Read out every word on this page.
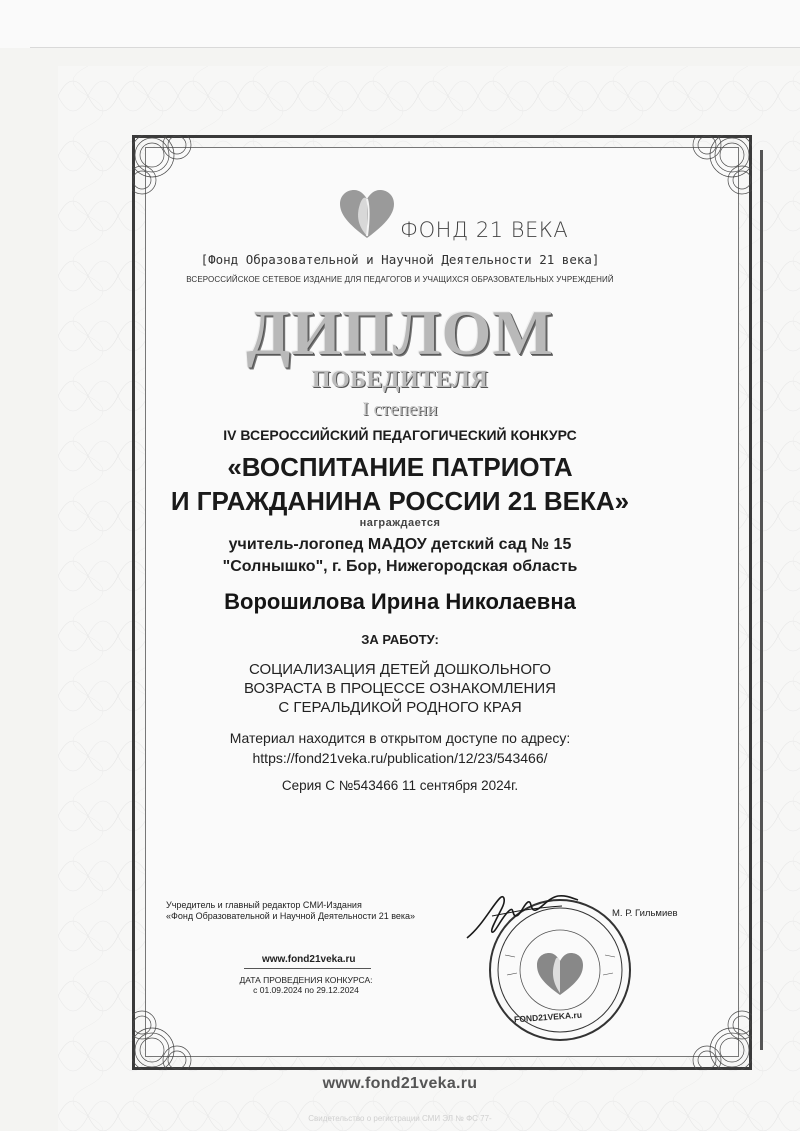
ФОНД 21 ВЕКА
[Фонд Образовательной и Научной Деятельности 21 века]
ВСЕРОССИЙСКОЕ СЕТЕВОЕ ИЗДАНИЕ ДЛЯ ПЕДАГОГОВ И УЧАЩИХСЯ ОБРАЗОВАТЕЛЬНЫХ УЧРЕЖДЕНИЙ
ДИПЛОМ
ПОБЕДИТЕЛЯ
I степени
IV ВСЕРОССИЙСКИЙ ПЕДАГОГИЧЕСКИЙ КОНКУРС
«ВОСПИТАНИЕ ПАТРИОТА
И ГРАЖДАНИНА РОССИИ 21 ВЕКА»
награждается
учитель-логопед МАДОУ детский сад № 15
"Солнышко", г. Бор, Нижегородская область
Ворошилова Ирина Николаевна
ЗА РАБОТУ:
СОЦИАЛИЗАЦИЯ ДЕТЕЙ ДОШКОЛЬНОГО
ВОЗРАСТА В ПРОЦЕССЕ ОЗНАКОМЛЕНИЯ
С ГЕРАЛЬДИКОЙ РОДНОГО КРАЯ
Материал находится в открытом доступе по адресу:
https://fond21veka.ru/publication/12/23/543466/
Серия С №543466 11 сентября 2024г.
Учредитель и главный редактор СМИ-Издания
«Фонд Образовательной и Научной Деятельности 21 века»	М. Р. Гильмиев
www.fond21veka.ru
ДАТА ПРОВЕДЕНИЯ КОНКУРСА:
с 01.09.2024 по 29.12.2024
FOND21VEKA.ru
www.fond21veka.ru
Свидетельство о регистрации СМИ ЭЛ № ФС 77-
